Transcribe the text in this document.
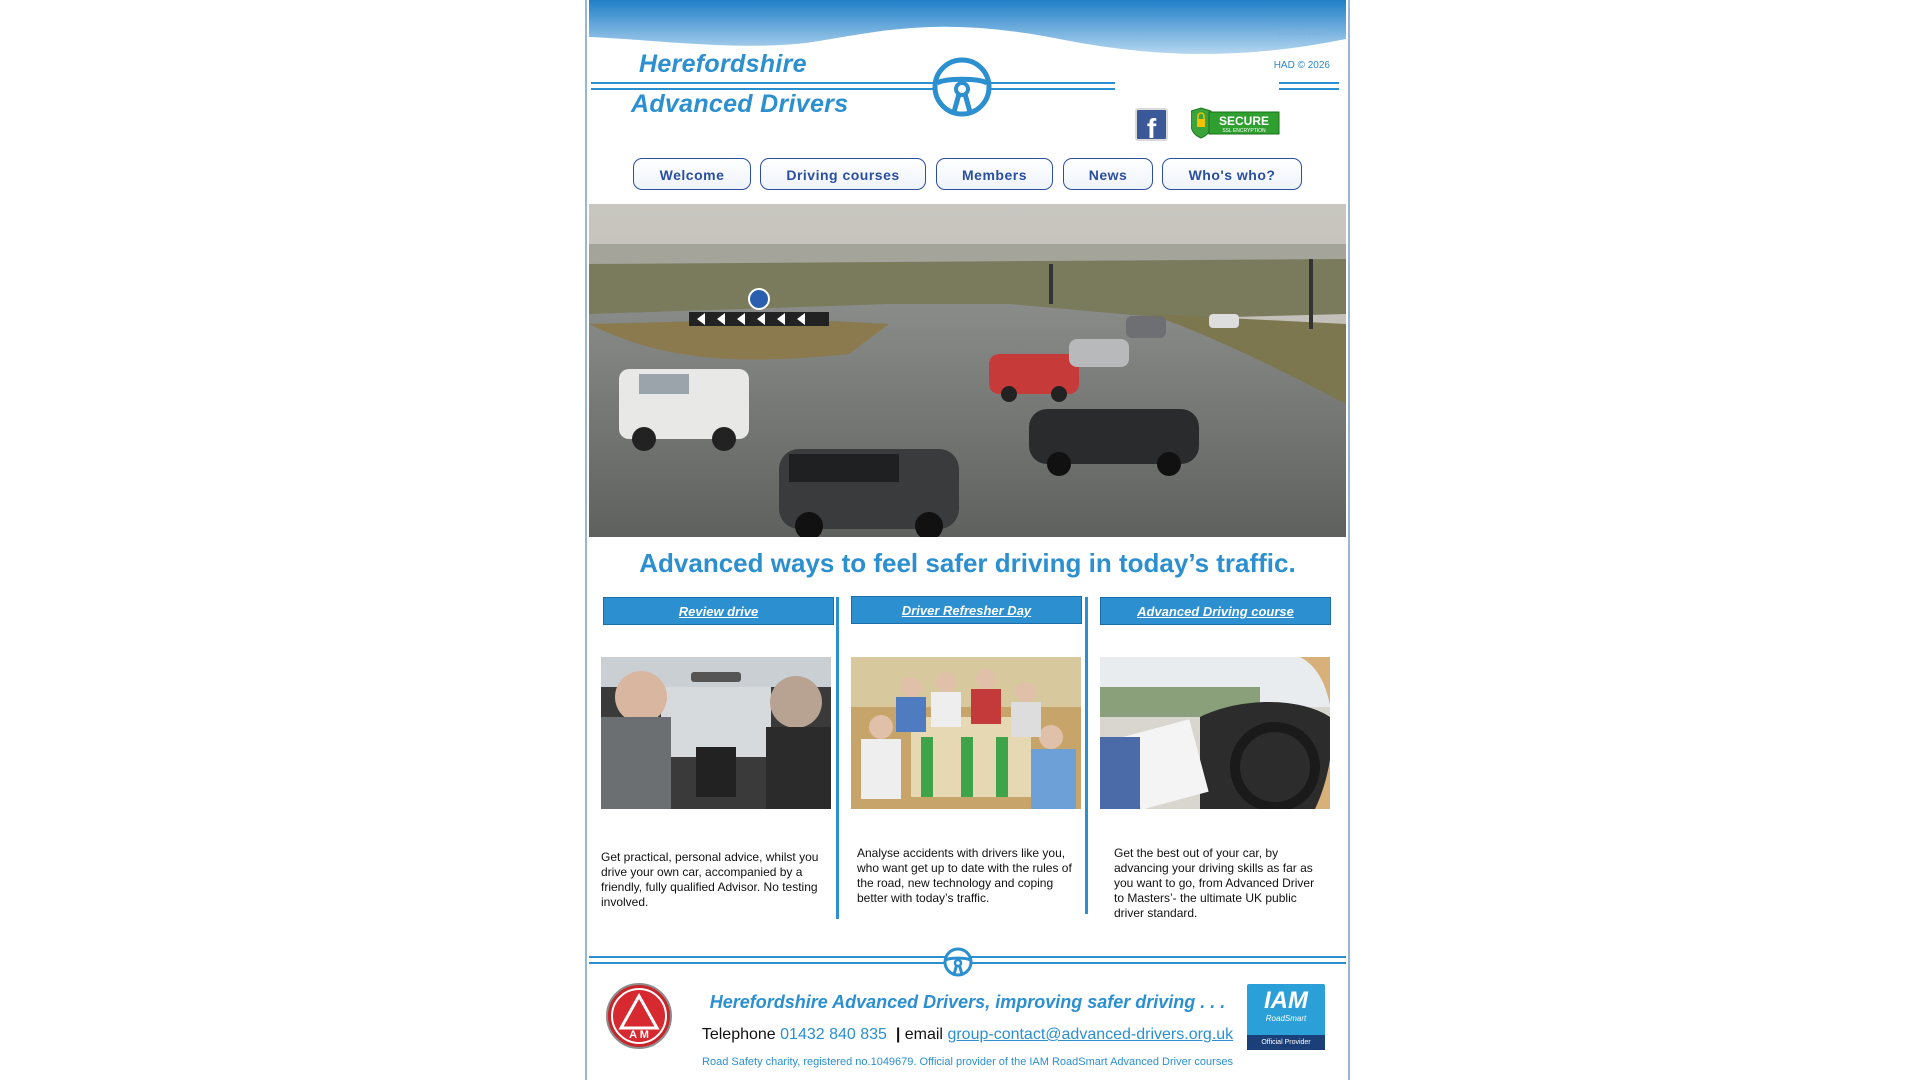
(14 Feb 2026)
HAD © 2026
Herefordshire
Advanced Drivers
f	SECURE
SSL ENCRYPTION
Welcome	Driving courses	Members	News	Who's who?
Advanced ways to feel safer driving in today’s traffic.
Review drive	Driver Refresher Day	Advanced Driving course
Get practical, personal advice, whilst you drive your own car, accompanied by a friendly, fully qualified Advisor. No testing involved.
Analyse accidents with drivers like you, who want get up to date with the rules of the road, new technology and coping better with today’s traffic.
Get the best out of your car, by advancing your driving skills as far as you want to go, from Advanced Driver to Masters’- the ultimate UK public driver standard.
A M
Herefordshire Advanced Drivers, improving safer driving . . .
Telephone 01432 840 835 | email group-contact@advanced-drivers.org.uk
Road Safety charity, registered no.1049679. Official provider of the IAM RoadSmart Advanced Driver courses
IAM
RoadSmart
Official Provider
